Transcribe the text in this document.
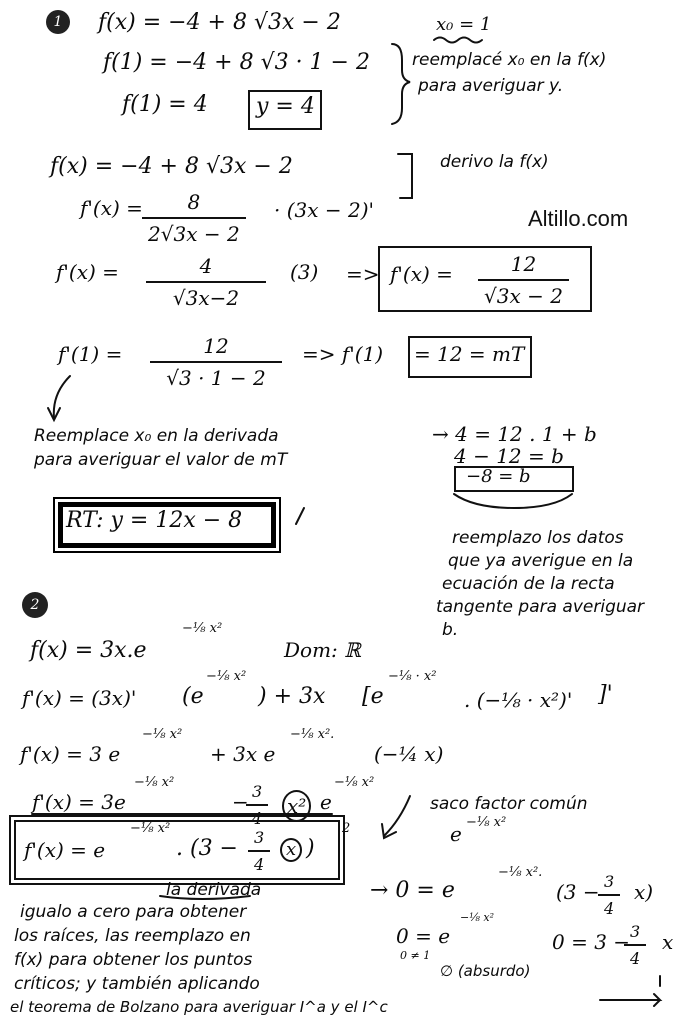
Altillo.com
1	f(x) = −4 + 8 √3x − 2	x₀ = 1
f(1) = −4 + 8 √3 · 1 − 2
f(1) = 4 y = 4
reemplacé x₀ en la f(x)
para averiguar y.
f(x) = −4 + 8 √3x − 2	derivo la f(x)
f'(x) =	8
2√3x − 2
· (3x − 2)'
f'(x) =	4
√3x−2
(3) => f'(x) =	12
√3x − 2
f'(1) =	12
√3 · 1 − 2
=> f'(1) = 12 = mT
Reemplace x₀ en la derivada
para averiguar el valor de mT
→ 4 = 12 . 1 + b
4 − 12 = b
−8 = b
RT: y = 12x − 8
reemplazo los datos
que ya averigue en la
ecuación de la recta
tangente para averiguar
b.
2
f(x) = 3x.e
−⅛ x²
Dom: ℝ
f'(x) = (3x)' (e
−⅛ x²
) + 3x [e
−⅛ · x²
. (−⅛ · x²)' ]'
f'(x) = 3 e
−⅛ x²
+ 3x e
−⅛ x².
(−¼ x)
f'(x) = 3e
−⅛ x²
− 3
4
x² e
−⅛ x²
saco factor común
e −⅛ x²
f'(x) = e
−⅛ x²
. (3 −	3
4
x )
2
la derivada
igualo a cero para obtener
los raíces, las reemplazo en
f(x) para obtener los puntos
críticos; y también aplicando
el teorema de Bolzano para averiguar I^a y el I^c
→ 0 = e
−⅛ x².
(3 − 3
4
x)
0 = e
−⅛ x²
0 ≠ 1
0 = 3 − 3
4
x
∅ (absurdo)
